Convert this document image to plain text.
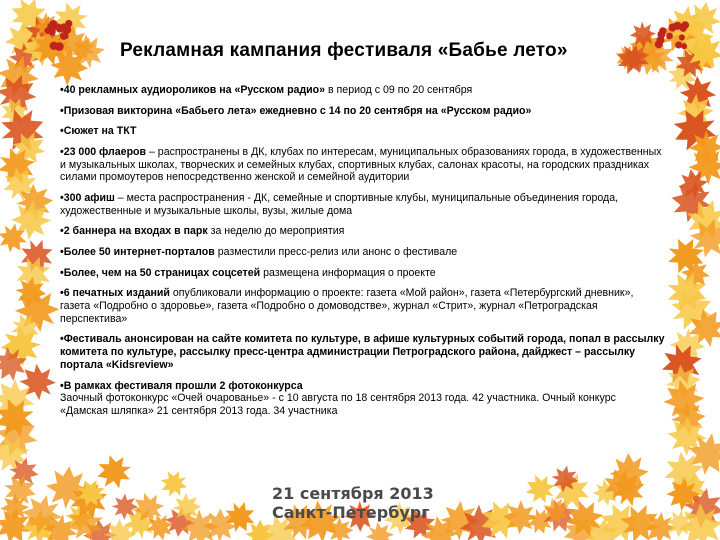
Рекламная кампания фестиваля «Бабье лето»
•40 рекламных аудиороликов на «Русском радио» в период с 09 по 20 сентября
•Призовая викторина «Бабьего лета» ежедневно с 14 по 20 сентября на «Русском радио»
•Сюжет на ТКТ
•23 000 флаеров – распространены в ДК, клубах по интересам, муниципальных образованиях города, в художественных и музыкальных школах, творческих и семейных клубах, спортивных клубах, салонах красоты, на городских праздниках силами промоутеров непосредственно женской и семейной аудитории
•300 афиш – места распространения - ДК, семейные и спортивные клубы, муниципальные объединения города, художественные и музыкальные школы, вузы, жилые дома
•2 баннера на входах в парк за неделю до мероприятия
•Более 50 интернет-порталов разместили пресс-релиз или анонс о фестивале
•Более, чем на 50 страницах соцсетей размещена информация о проекте
•6 печатных изданий опубликовали информацию о проекте: газета «Мой район», газета «Петербургский дневник», газета «Подробно о здоровье», газета «Подробно о домоводстве», журнал «Стрит», журнал «Петроградская перспектива»
•Фестиваль анонсирован на сайте комитета по культуре, в афише культурных событий города, попал в рассылку комитета по культуре, рассылку пресс-центра администрации Петроградского района, дайджест – рассылку портала «Kidsreview»
•В рамках фестиваля прошли 2 фотоконкурса
Заочный фотоконкурс «Очей очарованье» - с 10 августа по 18 сентября 2013 года. 42 участника. Очный конкурс «Дамская шляпка» 21 сентября 2013 года. 34 участника
21 сентября 2013
Санкт-Петербург
